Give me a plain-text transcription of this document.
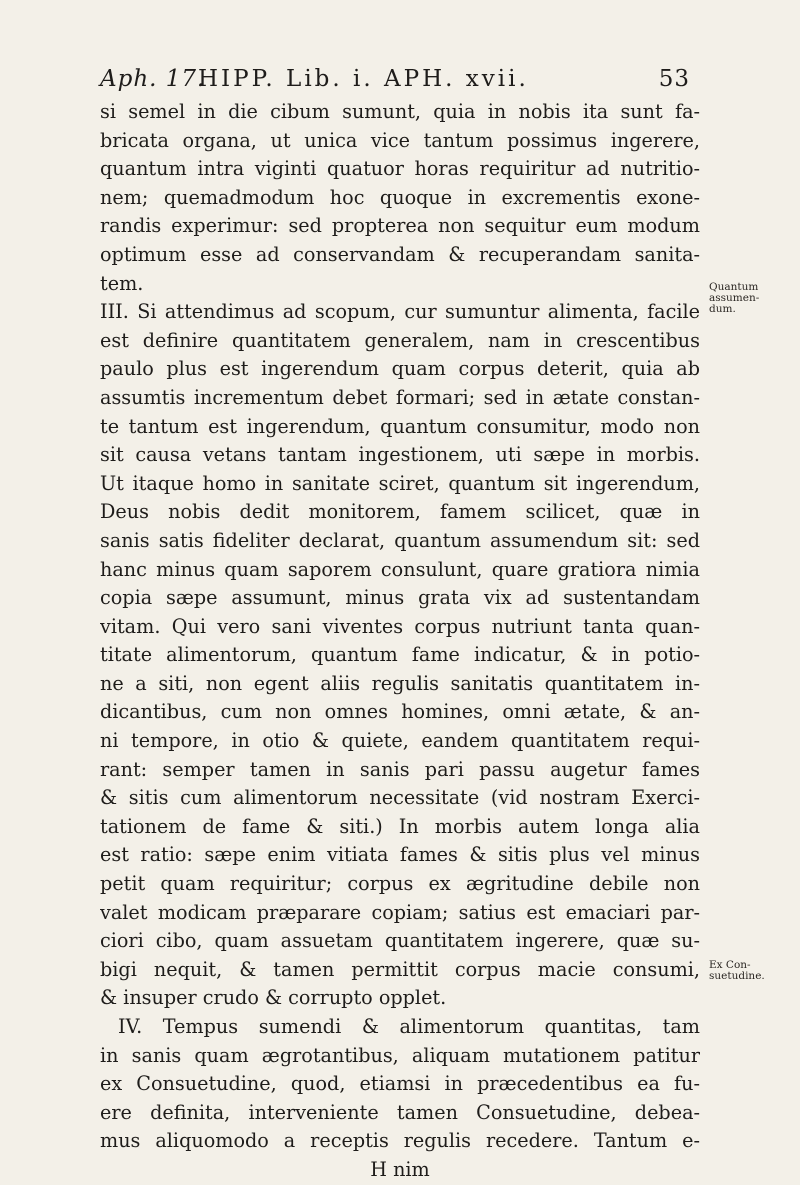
Aph. 17.
HIPP. Lib. i. APH. xvii.	53
si semel in die cibum sumunt, quia in nobis ita sunt fa-
bricata organa, ut unica vice tantum possimus ingerere,
quantum intra viginti quatuor horas requiritur ad nutritio-
nem; quemadmodum hoc quoque in excrementis exone-
randis experimur: sed propterea non sequitur eum modum
optimum esse ad conservandam & recuperandam sanita-
tem.
III. Si attendimus ad scopum, cur sumuntur alimenta, facile
est definire quantitatem generalem, nam in crescentibus
paulo plus est ingerendum quam corpus deterit, quia ab
assumtis incrementum debet formari; sed in ætate constan-
te tantum est ingerendum, quantum consumitur, modo non
sit causa vetans tantam ingestionem, uti sæpe in morbis.
Ut itaque homo in sanitate sciret, quantum sit ingerendum,
Deus nobis dedit monitorem, famem scilicet, quæ in
sanis satis fideliter declarat, quantum assumendum sit: sed
hanc minus quam saporem consulunt, quare gratiora nimia
copia sæpe assumunt, minus grata vix ad sustentandam
vitam. Qui vero sani viventes corpus nutriunt tanta quan-
titate alimentorum, quantum fame indicatur, & in potio-
ne a siti, non egent aliis regulis sanitatis quantitatem in-
dicantibus, cum non omnes homines, omni ætate, & an-
ni tempore, in otio & quiete, eandem quantitatem requi-
rant: semper tamen in sanis pari passu augetur fames
& sitis cum alimentorum necessitate (vid nostram Exerci-
tationem de fame & siti.) In morbis autem longa alia
est ratio: sæpe enim vitiata fames & sitis plus vel minus
petit quam requiritur; corpus ex ægritudine debile non
valet modicam præparare copiam; satius est emaciari par-
ciori cibo, quam assuetam quantitatem ingerere, quæ su-
bigi nequit, & tamen permittit corpus macie consumi,
& insuper crudo & corrupto opplet.
IV. Tempus sumendi & alimentorum quantitas, tam
in sanis quam ægrotantibus, aliquam mutationem patitur
ex Consuetudine, quod, etiamsi in præcedentibus ea fu-
ere definita, interveniente tamen Consuetudine, debea-
mus aliquomodo a receptis regulis recedere. Tantum e-
H nim
Quantum assumen-dum.
Ex Con-suetudine.
